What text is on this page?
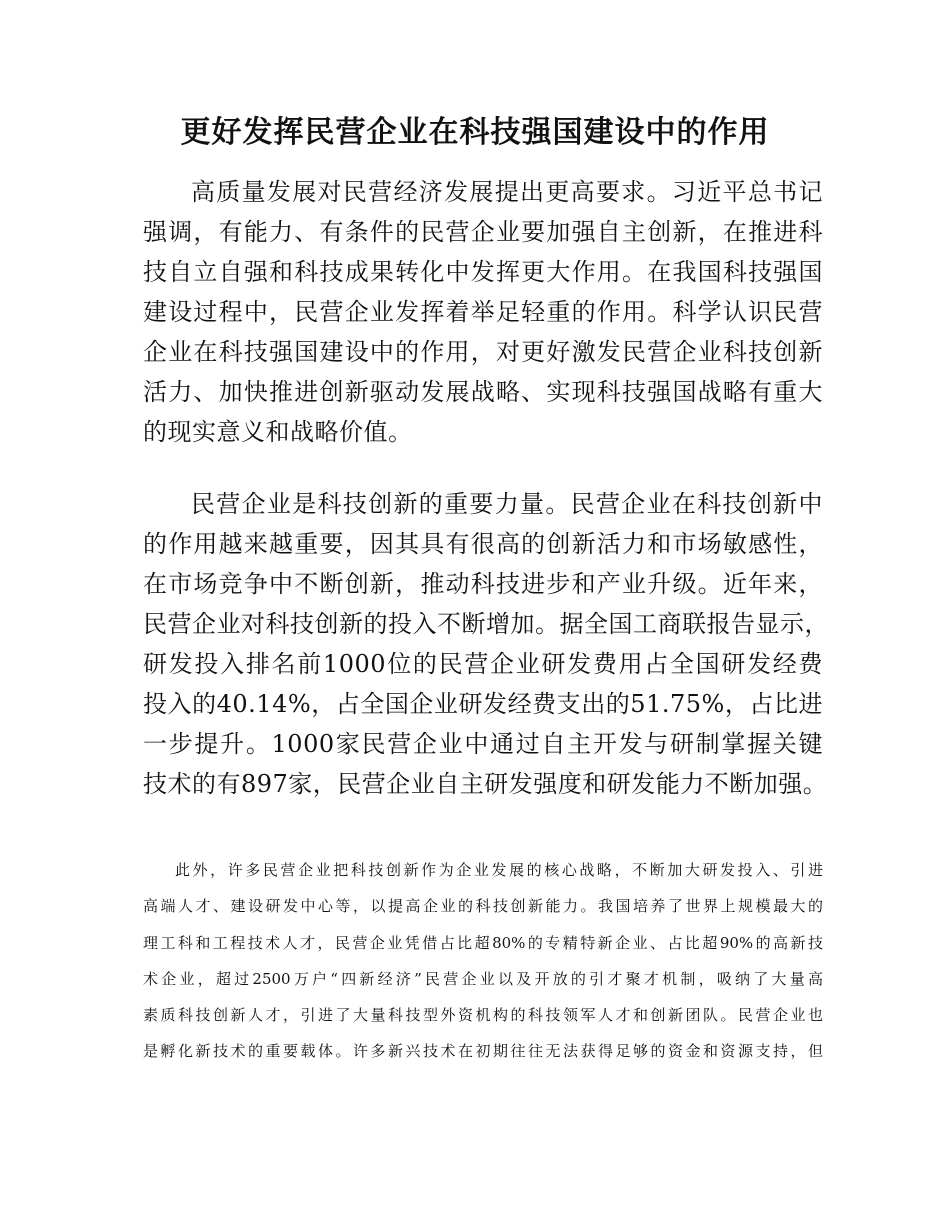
更好发挥民营企业在科技强国建设中的作用
高质量发展对民营经济发展提出更高要求。习近平总书记
强调，有能力、有条件的民营企业要加强自主创新，在推进科
技自立自强和科技成果转化中发挥更大作用。在我国科技强国
建设过程中，民营企业发挥着举足轻重的作用。科学认识民营
企业在科技强国建设中的作用，对更好激发民营企业科技创新
活力、加快推进创新驱动发展战略、实现科技强国战略有重大
的现实意义和战略价值。
民营企业是科技创新的重要力量。民营企业在科技创新中
的作用越来越重要，因其具有很高的创新活力和市场敏感性，
在市场竞争中不断创新，推动科技进步和产业升级。近年来，
民营企业对科技创新的投入不断增加。据全国工商联报告显示，
研发投入排名前1000位的民营企业研发费用占全国研发经费
投入的40.14%，占全国企业研发经费支出的51.75%，占比进
一步提升。1000家民营企业中通过自主开发与研制掌握关键
技术的有897家，民营企业自主研发强度和研发能力不断加强。
此外，许多民营企业把科技创新作为企业发展的核心战略，不断加大研发投入、引进
高端人才、建设研发中心等，以提高企业的科技创新能力。我国培养了世界上规模最大的
理工科和工程技术人才，民营企业凭借占比超80%的专精特新企业、占比超90%的高新技
术企业，超过2500万户“四新经济”民营企业以及开放的引才聚才机制，吸纳了大量高
素质科技创新人才，引进了大量科技型外资机构的科技领军人才和创新团队。民营企业也
是孵化新技术的重要载体。许多新兴技术在初期往往无法获得足够的资金和资源支持，但
